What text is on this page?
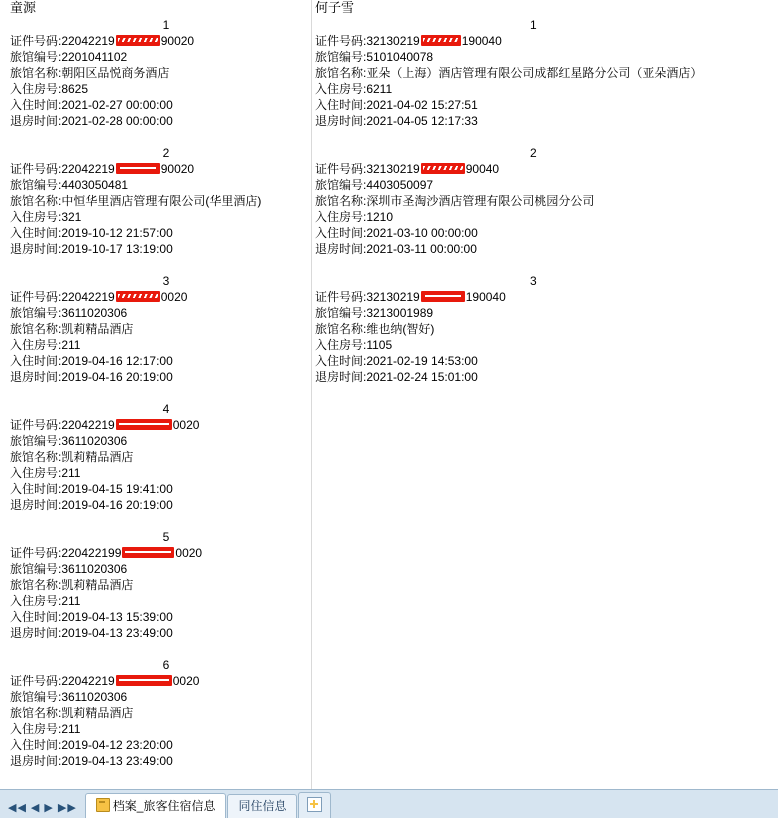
童源
1
证件号码:22042219	90020
旅馆编号:2201041102
旅馆名称:朝阳区品悦商务酒店
入住房号:8625
入住时间:2021-02-27 00:00:00
退房时间:2021-02-28 00:00:00
2
证件号码:22042219	90020
旅馆编号:4403050481
旅馆名称:中恒华里酒店管理有限公司(华里酒店)
入住房号:321
入住时间:2019-10-12 21:57:00
退房时间:2019-10-17 13:19:00
3
证件号码:22042219	0020
旅馆编号:3611020306
旅馆名称:凯莉精品酒店
入住房号:211
入住时间:2019-04-16 12:17:00
退房时间:2019-04-16 20:19:00
4
证件号码:22042219	0020
旅馆编号:3611020306
旅馆名称:凯莉精品酒店
入住房号:211
入住时间:2019-04-15 19:41:00
退房时间:2019-04-16 20:19:00
5
证件号码:220422199	0020
旅馆编号:3611020306
旅馆名称:凯莉精品酒店
入住房号:211
入住时间:2019-04-13 15:39:00
退房时间:2019-04-13 23:49:00
6
证件号码:22042219	0020
旅馆编号:3611020306
旅馆名称:凯莉精品酒店
入住房号:211
入住时间:2019-04-12 23:20:00
退房时间:2019-04-13 23:49:00
何子雪
1
证件号码:32130219	190040
旅馆编号:5101040078
旅馆名称:亚朵（上海）酒店管理有限公司成都红星路分公司（亚朵酒店）
入住房号:6211
入住时间:2021-04-02 15:27:51
退房时间:2021-04-05 12:17:33
2
证件号码:32130219	90040
旅馆编号:4403050097
旅馆名称:深圳市圣淘沙酒店管理有限公司桃园分公司
入住房号:1210
入住时间:2021-03-10 00:00:00
退房时间:2021-03-11 00:00:00
3
证件号码:32130219	190040
旅馆编号:3213001989
旅馆名称:维也纳(智好)
入住房号:1105
入住时间:2021-02-19 14:53:00
退房时间:2021-02-24 15:01:00
◀◀ ◀ ▶ ▶▶	档案_旅客住宿信息	同住信息
